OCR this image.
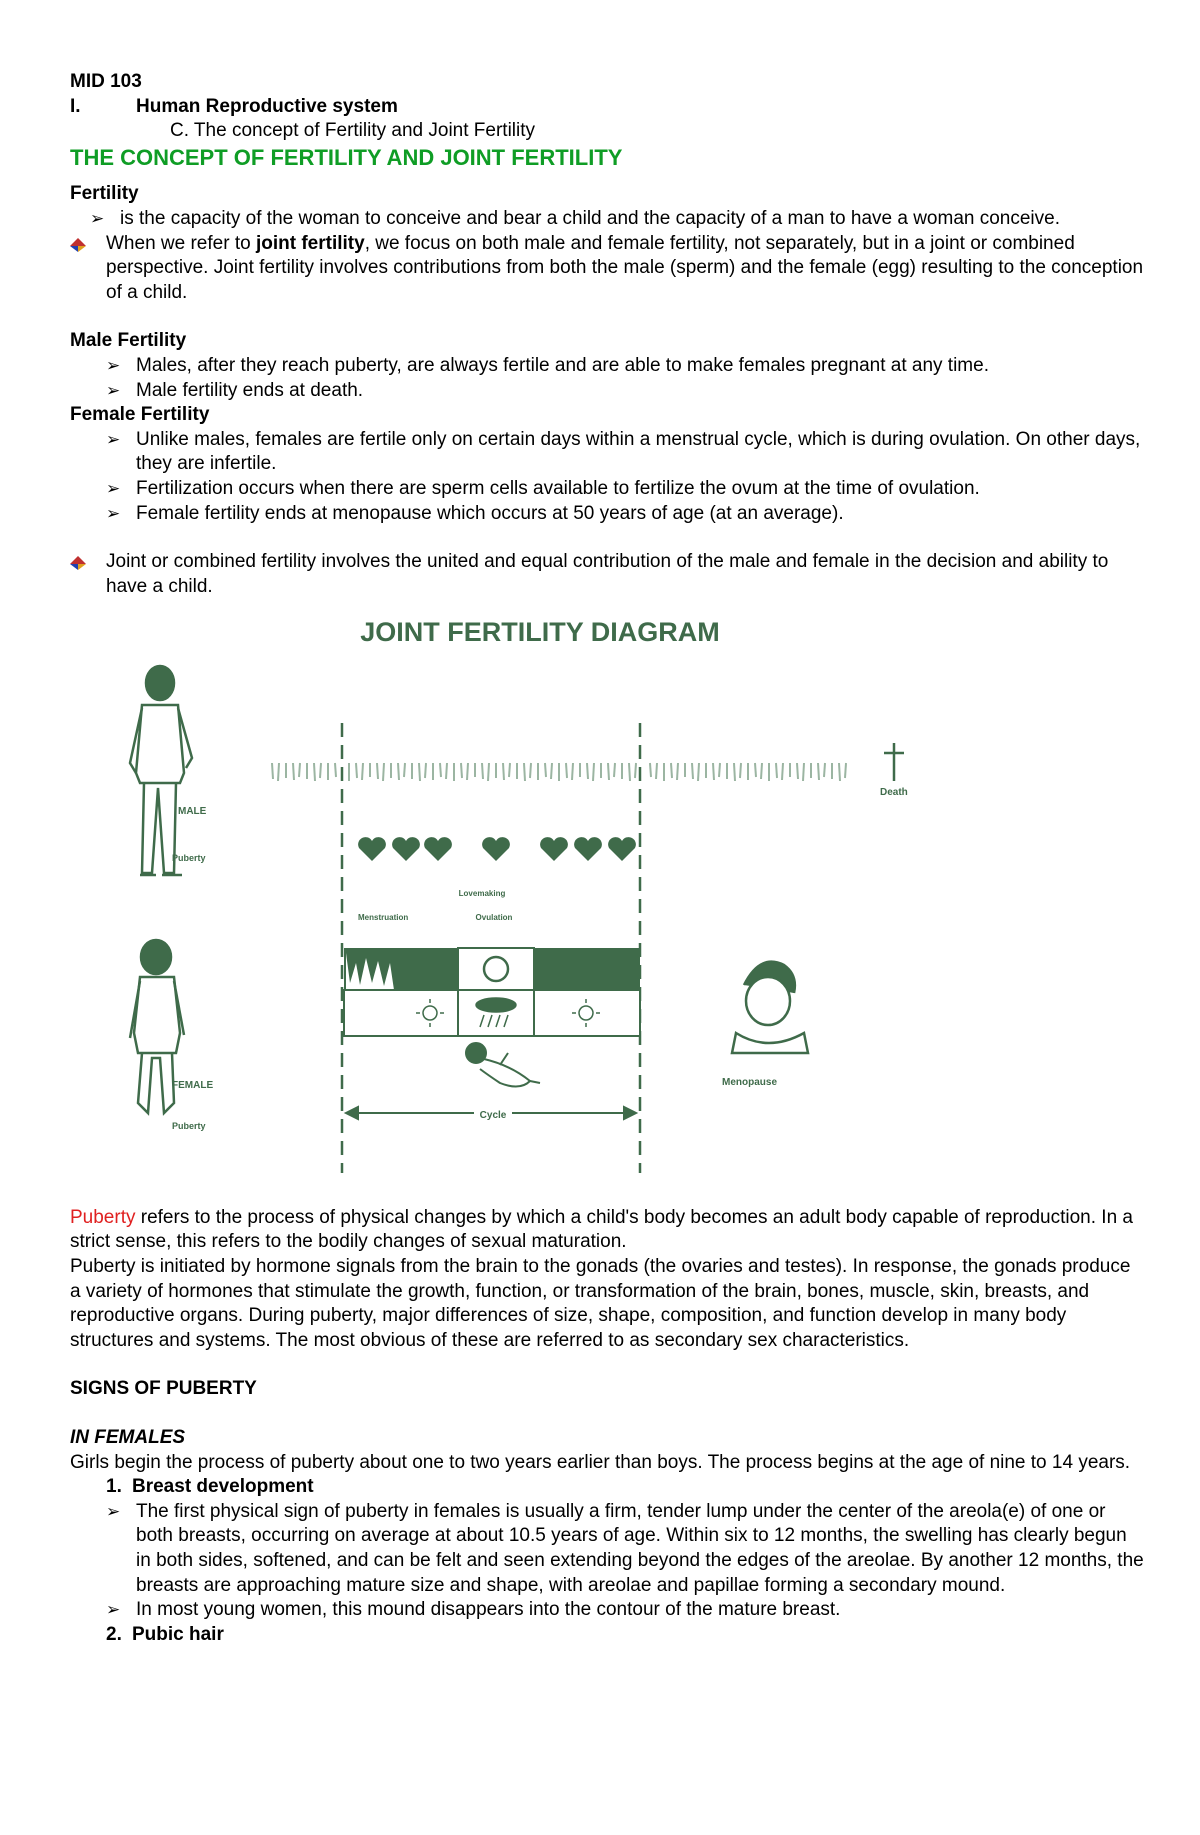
MID 103

I.	Human Reproductive system

C. The concept of Fertility and Joint Fertility

THE CONCEPT OF FERTILITY AND JOINT FERTILITY

Fertility

➢ is the capacity of the woman to conceive and bear a child and the capacity of a man to have a woman conceive.
When we refer to joint fertility, we focus on both male and female fertility, not separately, but in a joint or combined perspective. Joint fertility involves contributions from both the male (sperm) and the female (egg) resulting to the conception of a child.

Male Fertility

➢ Males, after they reach puberty, are always fertile and are able to make females pregnant at any time.
➢ Male fertility ends at death.

Female Fertility

➢ Unlike males, females are fertile only on certain days within a menstrual cycle, which is during ovulation. On other days, they are infertile.
➢ Fertilization occurs when there are sperm cells available to fertilize the ovum at the time of ovulation.
➢ Female fertility ends at menopause which occurs at 50 years of age (at an average).
Joint or combined fertility involves the united and equal contribution of the male and female in the decision and ability to have a child.
JOINT FERTILITY DIAGRAM
MALE
Puberty
Death
Lovemaking
Menstruation	Ovulation
Cycle
FEMALE
Puberty
Menopause

Puberty refers to the process of physical changes by which a child's body becomes an adult body capable of reproduction. In a strict sense, this refers to the bodily changes of sexual maturation.

Puberty is initiated by hormone signals from the brain to the gonads (the ovaries and testes). In response, the gonads produce a variety of hormones that stimulate the growth, function, or transformation of the brain, bones, muscle, skin, breasts, and reproductive organs. During puberty, major differences of size, shape, composition, and function develop in many body structures and systems. The most obvious of these are referred to as secondary sex characteristics.

SIGNS OF PUBERTY

IN FEMALES

Girls begin the process of puberty about one to two years earlier than boys. The process begins at the age of nine to 14 years.

1. Breast development
➢ The first physical sign of puberty in females is usually a firm, tender lump under the center of the areola(e) of one or both breasts, occurring on average at about 10.5 years of age. Within six to 12 months, the swelling has clearly begun in both sides, softened, and can be felt and seen extending beyond the edges of the areolae. By another 12 months, the breasts are approaching mature size and shape, with areolae and papillae forming a secondary mound.
➢ In most young women, this mound disappears into the contour of the mature breast.
2. Pubic hair
